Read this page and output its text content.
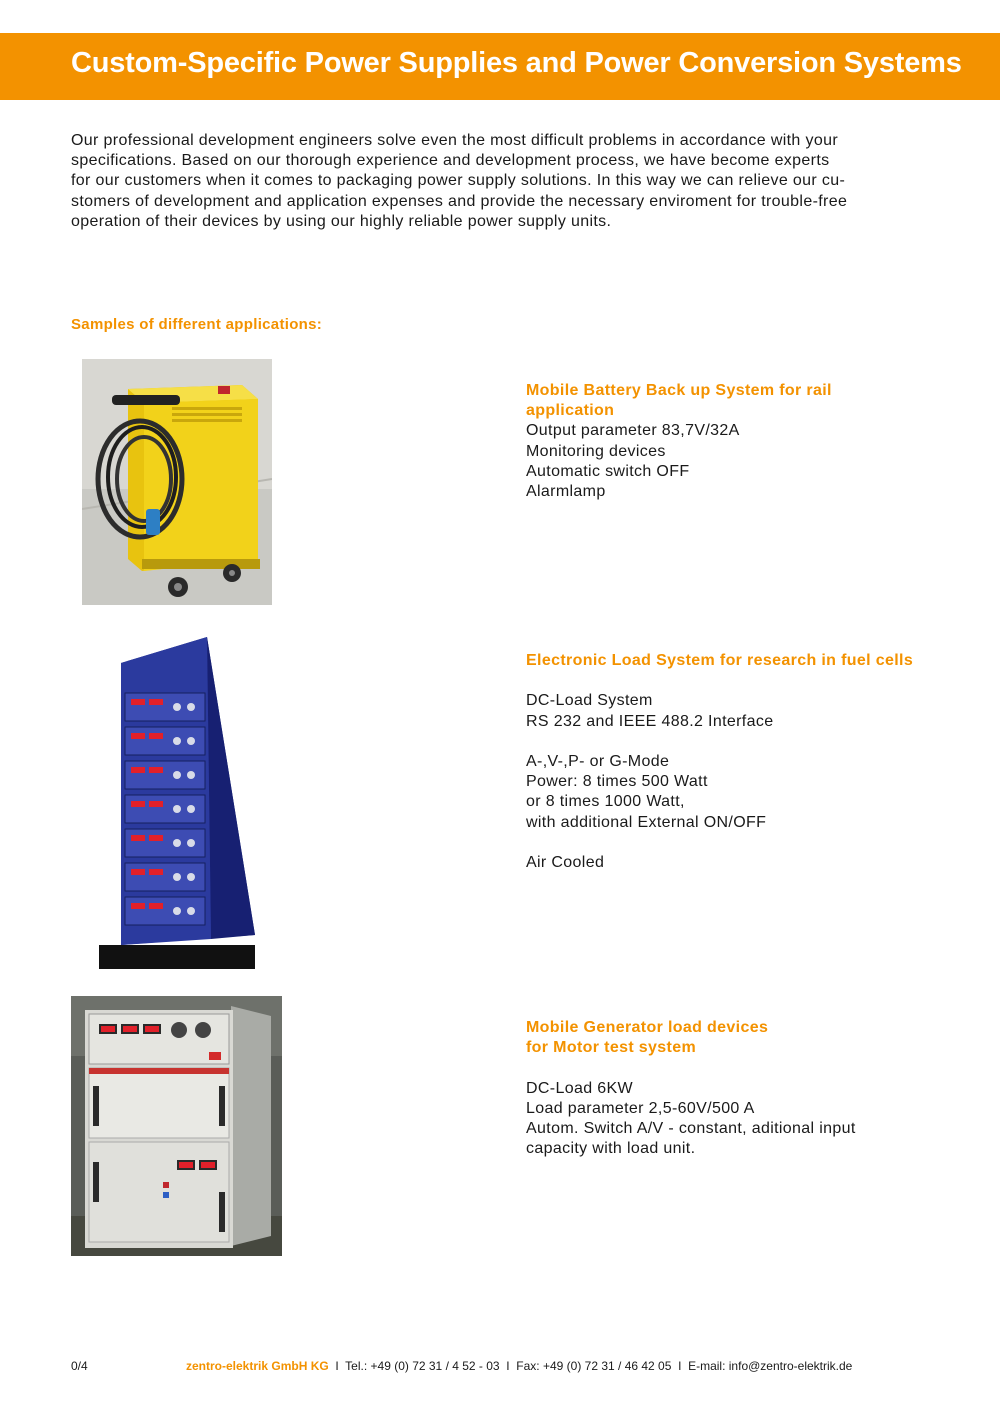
Custom-Specific Power Supplies and Power Conversion Systems
Our professional development engineers solve even the most difficult problems in accordance with your
specifications. Based on our thorough experience and development process, we have become experts
for our customers when it comes to packaging power supply solutions. In this way we can relieve our cu-
stomers of development and application expenses and provide the necessary enviroment for trouble-free
operation of their devices by using our highly reliable power supply units.
Samples of different applications:
Mobile Battery Back up System for rail
application
Output parameter 83,7V/32A
Monitoring devices
Automatic switch OFF
Alarmlamp
Electronic Load System for research in fuel cells
DC-Load System
RS 232 and IEEE 488.2 Interface
A-,V-,P- or G-Mode
Power: 8 times 500 Watt
or 8 times 1000 Watt,
with additional External ON/OFF
Air Cooled
Mobile Generator load devices
for Motor test system
DC-Load 6KW
Load parameter 2,5-60V/500 A
Autom. Switch A/V - constant, aditional input
capacity with load unit.
0/4	zentro-elektrik GmbH KG I Tel.: +49 (0) 72 31 / 4 52 - 03 I Fax: +49 (0) 72 31 / 46 42 05 I E-mail: info@zentro-elektrik.de
